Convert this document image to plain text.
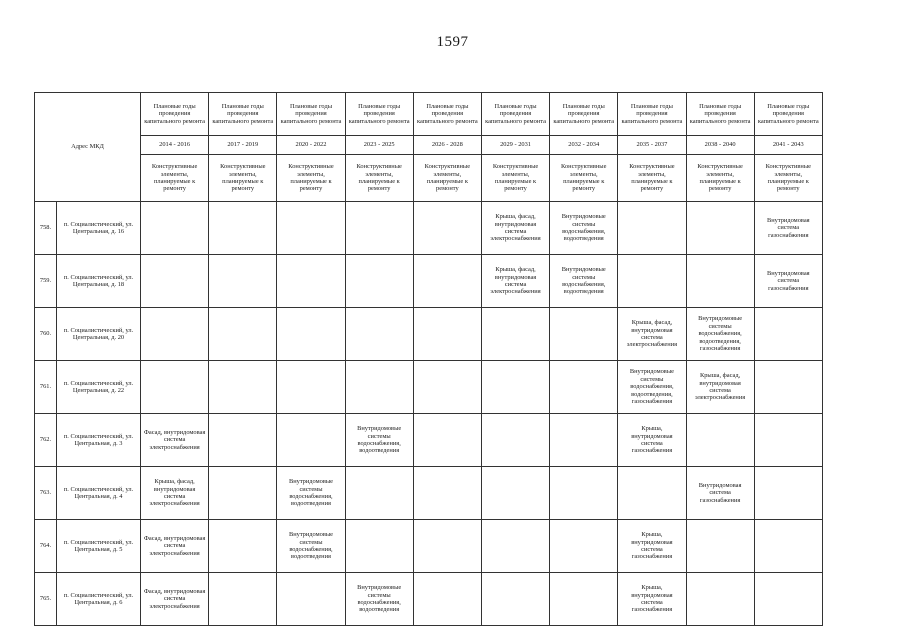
1597
Адрес МКД		Плановые годы проведения капитального ремонта	Плановые годы проведения капитального ремонта	Плановые годы проведения капитального ремонта	Плановые годы проведения капитального ремонта	Плановые годы проведения капитального ремонта	Плановые годы проведения капитального ремонта	Плановые годы проведения капитального ремонта	Плановые годы проведения капитального ремонта	Плановые годы проведения капитального ремонта	Плановые годы проведения капитального ремонта
		2014 - 2016	2017 - 2019	2020 - 2022	2023 - 2025	2026 - 2028	2029 - 2031	2032 - 2034	2035 - 2037	2038 - 2040	2041 - 2043
		Конструктивные элементы, планируемые к ремонту	Конструктивные элементы, планируемые к ремонту	Конструктивные элементы, планируемые к ремонту	Конструктивные элементы, планируемые к ремонту	Конструктивные элементы, планируемые к ремонту	Конструктивные элементы, планируемые к ремонту	Конструктивные элементы, планируемые к ремонту	Конструктивные элементы, планируемые к ремонту	Конструктивные элементы, планируемые к ремонту	Конструктивные элементы, планируемые к ремонту
758.	п. Социалистический, ул. Центральная, д. 16						Крыша, фасад, внутридомовая система электроснабжения	Внутридомовые системы водоснабжения, водоотведения			Внутридомовая система газоснабжения
759.	п. Социалистический, ул. Центральная, д. 18						Крыша, фасад, внутридомовая система электроснабжения	Внутридомовые системы водоснабжения, водоотведения			Внутридомовая система газоснабжения
760.	п. Социалистический, ул. Центральная, д. 20								Крыша, фасад, внутридомовая система электроснабжения	Внутридомовые системы водоснабжения, водоотведения, газоснабжения	
761.	п. Социалистический, ул. Центральная, д. 22								Внутридомовые системы водоснабжения, водоотведения, газоснабжения	Крыша, фасад, внутридомовая система электроснабжения	
762.	п. Социалистический, ул. Центральная, д. 3	Фасад, внутридомовая система электроснабжения			Внутридомовые системы водоснабжения, водоотведения				Крыша, внутридомовая система газоснабжения		
763.	п. Социалистический, ул. Центральная, д. 4	Крыша, фасад, внутридомовая система электроснабжения		Внутридомовые системы водоснабжения, водоотведения						Внутридомовая система газоснабжения	
764.	п. Социалистический, ул. Центральная, д. 5	Фасад, внутридомовая система электроснабжения		Внутридомовые системы водоснабжения, водоотведения					Крыша, внутридомовая система газоснабжения		
765.	п. Социалистический, ул. Центральная, д. 6	Фасад, внутридомовая система электроснабжения			Внутридомовые системы водоснабжения, водоотведения				Крыша, внутридомовая система газоснабжения		
